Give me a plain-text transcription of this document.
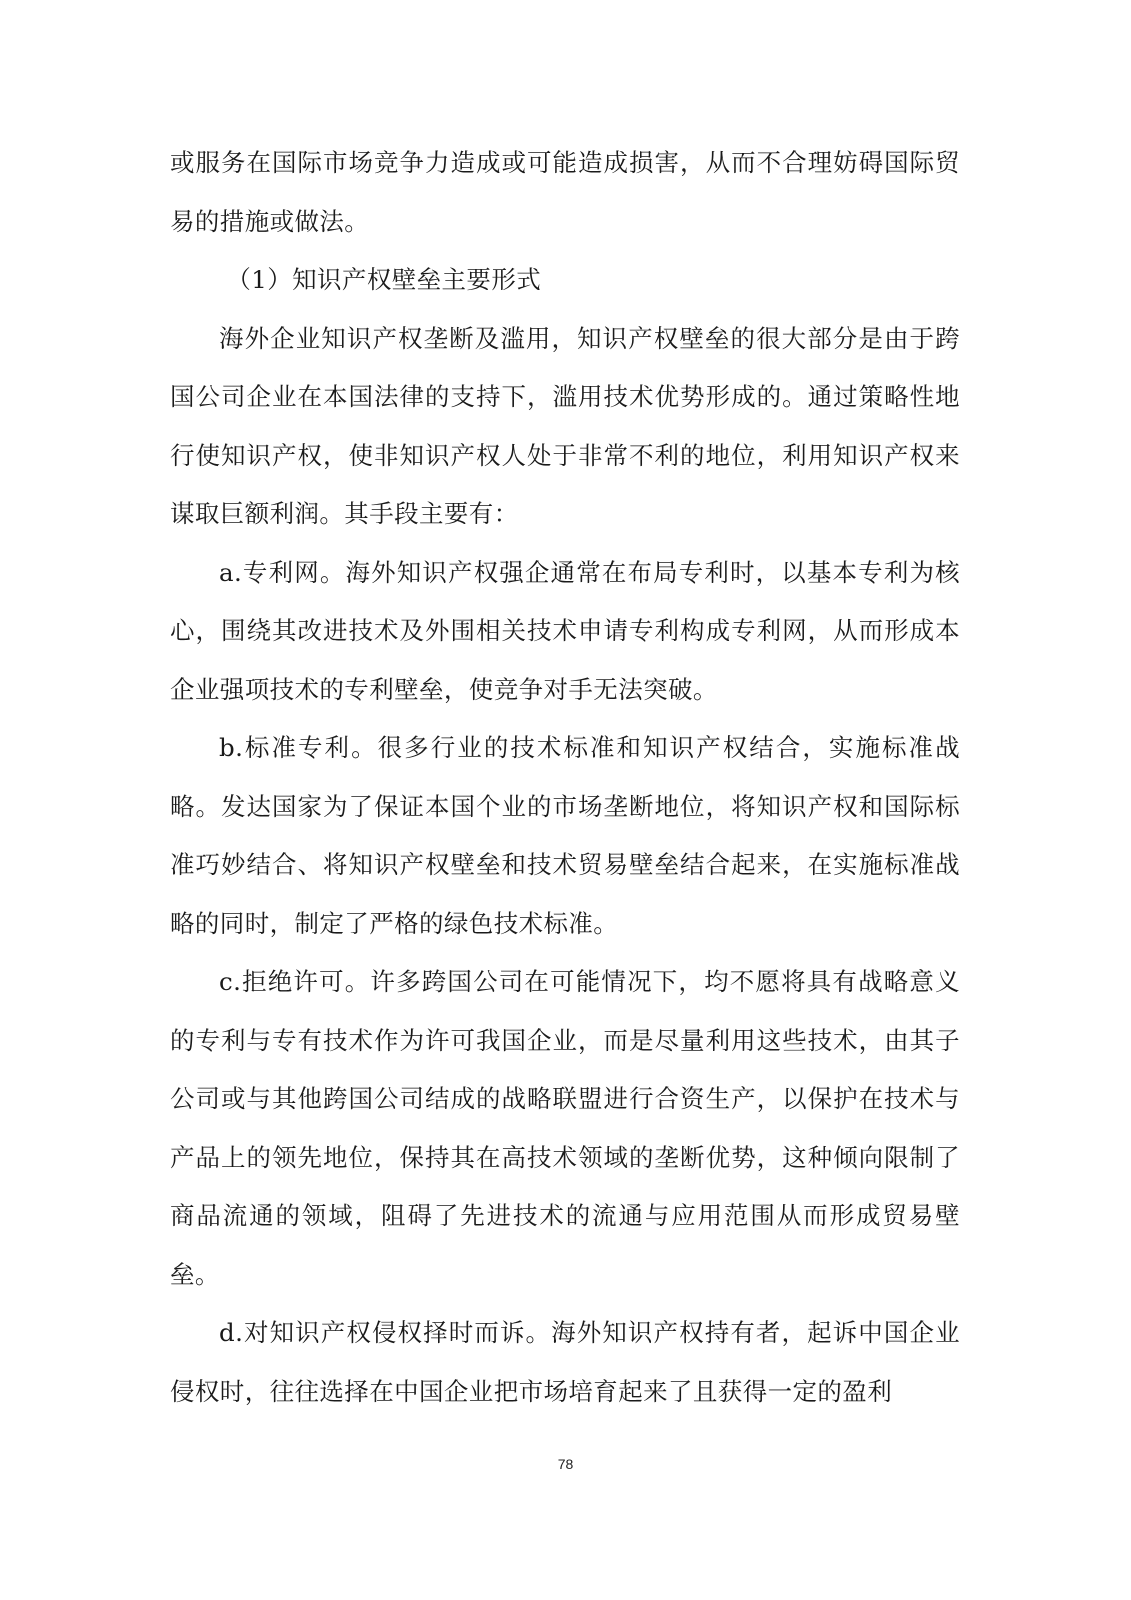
或服务在国际市场竞争力造成或可能造成损害，从而不合理妨碍国际贸易的措施或做法。

（1）知识产权壁垒主要形式

海外企业知识产权垄断及滥用，知识产权壁垒的很大部分是由于跨国公司企业在本国法律的支持下，滥用技术优势形成的。通过策略性地行使知识产权，使非知识产权人处于非常不利的地位，利用知识产权来谋取巨额利润。其手段主要有：

a.专利网。海外知识产权强企通常在布局专利时，以基本专利为核心，围绕其改进技术及外围相关技术申请专利构成专利网，从而形成本企业强项技术的专利壁垒，使竞争对手无法突破。

b.标准专利。很多行业的技术标准和知识产权结合，实施标准战略。发达国家为了保证本国个业的市场垄断地位，将知识产权和国际标准巧妙结合、将知识产权壁垒和技术贸易壁垒结合起来，在实施标准战略的同时，制定了严格的绿色技术标准。

c.拒绝许可。许多跨国公司在可能情况下，均不愿将具有战略意义的专利与专有技术作为许可我国企业，而是尽量利用这些技术，由其子公司或与其他跨国公司结成的战略联盟进行合资生产，以保护在技术与产品上的领先地位，保持其在高技术领域的垄断优势，这种倾向限制了商品流通的领域，阻碍了先进技术的流通与应用范围从而形成贸易壁垒。

d.对知识产权侵权择时而诉。海外知识产权持有者，起诉中国企业侵权时，往往选择在中国企业把市场培育起来了且获得一定的盈利

78
